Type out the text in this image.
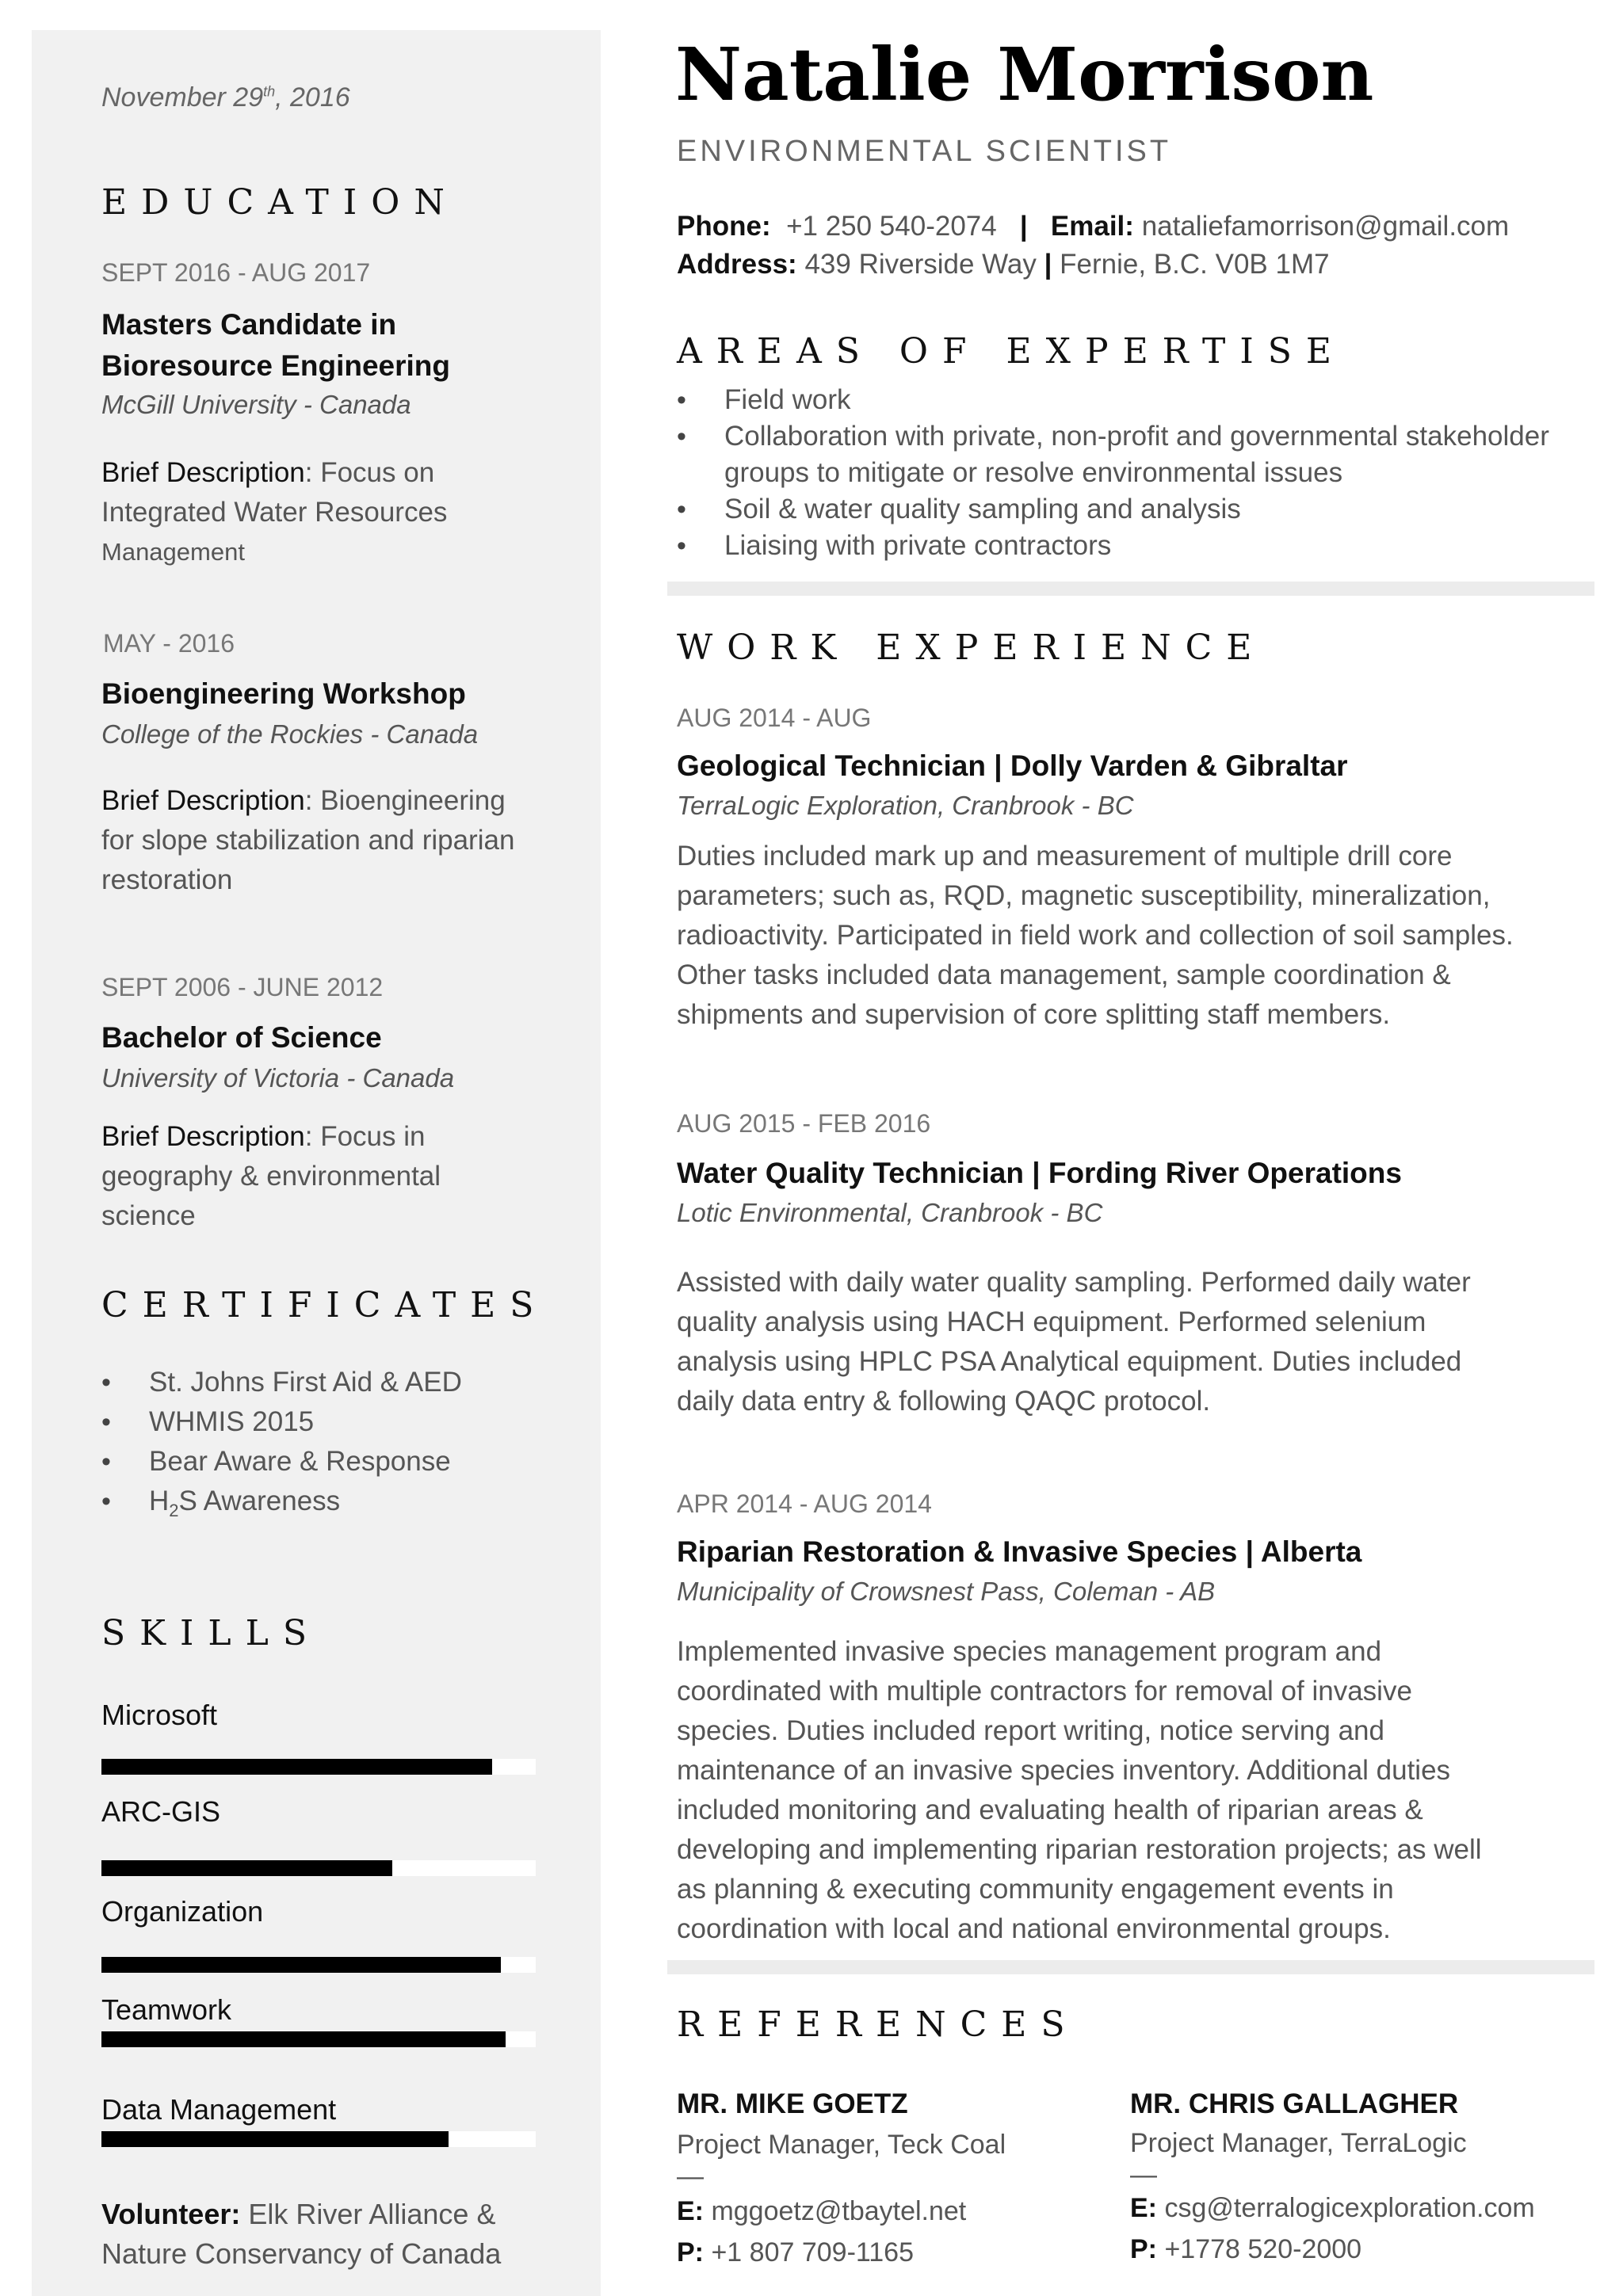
November 29th, 2016
EDUCATION
SEPT 2016 - AUG 2017
Masters Candidate in
Bioresource Engineering
McGill University - Canada
Brief Description: Focus on
Integrated Water Resources
Management
MAY - 2016
Bioengineering Workshop
College of the Rockies - Canada
Brief Description: Bioengineering
for slope stabilization and riparian
restoration
SEPT 2006 - JUNE 2012
Bachelor of Science
University of Victoria - Canada
Brief Description: Focus in
geography & environmental
science
CERTIFICATES
• St. Johns First Aid & AED
• WHMIS 2015
• Bear Aware & Response
• $H_2S$ Awareness
SKILLS
Microsoft
ARC-GIS
Organization
Teamwork
Data Management
Volunteer: Elk River Alliance & Nature Conservancy of Canada
Natalie Morrison
ENVIRONMENTAL SCIENTIST
Phone: +1 250 540-2074 | Email: nataliefamorrison@gmail.com
Address: 439 Riverside Way | Fernie, B.C. V0B 1M7
AREAS OF EXPERTISE
• Field work
• Collaboration with private, non-profit and governmental stakeholder groups to mitigate or resolve environmental issues
• Soil & water quality sampling and analysis
• Liaising with private contractors
WORK EXPERIENCE
AUG 2014 - AUG
Geological Technician | Dolly Varden & Gibraltar
TerraLogic Exploration, Cranbrook - BC
Duties included mark up and measurement of multiple drill core parameters; such as, RQD, magnetic susceptibility, mineralization, radioactivity. Participated in field work and collection of soil samples. Other tasks included data management, sample coordination & shipments and supervision of core splitting staff members.
AUG 2015 - FEB 2016
Water Quality Technician | Fording River Operations
Lotic Environmental, Cranbrook - BC
Assisted with daily water quality sampling. Performed daily water quality analysis using HACH equipment. Performed selenium analysis using HPLC PSA Analytical equipment. Duties included daily data entry & following QAQC protocol.
APR 2014 - AUG 2014
Riparian Restoration & Invasive Species | Alberta
Municipality of Crowsnest Pass, Coleman - AB
Implemented invasive species management program and coordinated with multiple contractors for removal of invasive species. Duties included report writing, notice serving and maintenance of an invasive species inventory. Additional duties included monitoring and evaluating health of riparian areas & developing and implementing riparian restoration projects; as well as planning & executing community engagement events in coordination with local and national environmental groups.
REFERENCES
MR. MIKE GOETZ
Project Manager, Teck Coal
—
E: mggoetz@tbaytel.net
P: +1 807 709-1165
MR. CHRIS GALLAGHER
Project Manager, TerraLogic
—
E: csg@terralogicexploration.com
P: +1778 520-2000
